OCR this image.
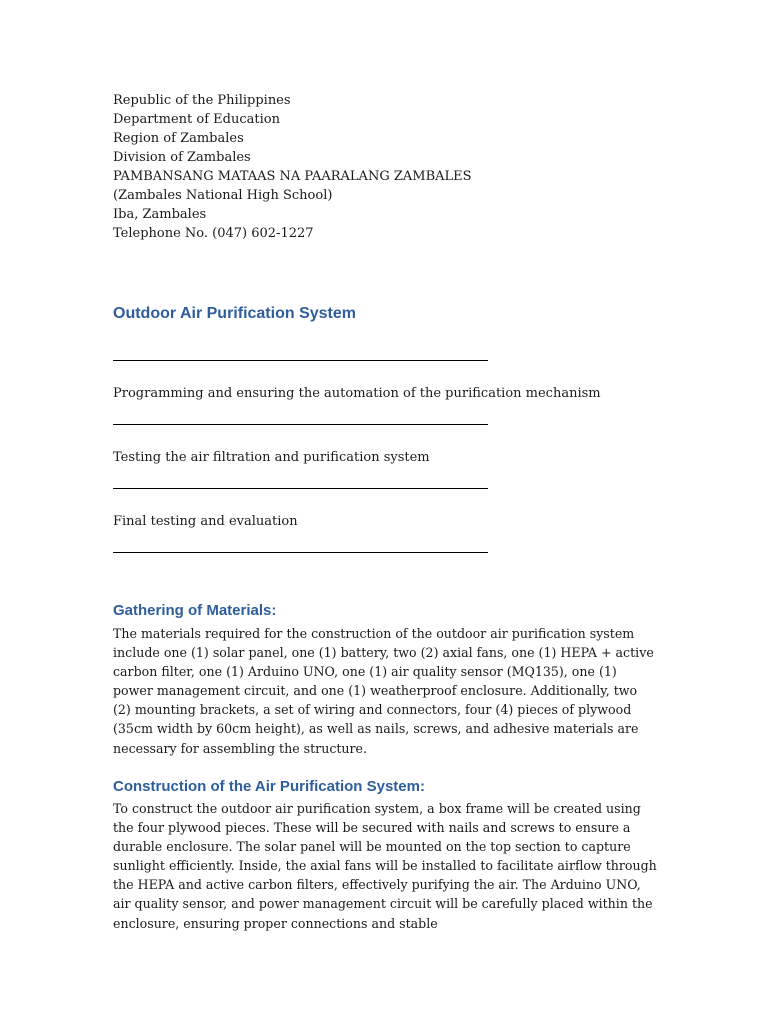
Republic of the Philippines

Department of Education

Region of Zambales

Division of Zambales

PAMBANSANG MATAAS NA PAARALANG ZAMBALES

(Zambales National High School)

Iba, Zambales

Telephone No. (047) 602-1227

Outdoor Air Purification System

Programming and ensuring the automation of the purification mechanism

Testing the air filtration and purification system

Final testing and evaluation

Gathering of Materials:

The materials required for the construction of the outdoor air purification system include one (1) solar panel, one (1) battery, two (2) axial fans, one (1) HEPA + active carbon filter, one (1) Arduino UNO, one (1) air quality sensor (MQ135), one (1) power management circuit, and one (1) weatherproof enclosure. Additionally, two (2) mounting brackets, a set of wiring and connectors, four (4) pieces of plywood (35cm width by 60cm height), as well as nails, screws, and adhesive materials are necessary for assembling the structure.

Construction of the Air Purification System:

To construct the outdoor air purification system, a box frame will be created using the four plywood pieces. These will be secured with nails and screws to ensure a durable enclosure. The solar panel will be mounted on the top section to capture sunlight efficiently. Inside, the axial fans will be installed to facilitate airflow through the HEPA and active carbon filters, effectively purifying the air. The Arduino UNO, air quality sensor, and power management circuit will be carefully placed within the enclosure, ensuring proper connections and stable
